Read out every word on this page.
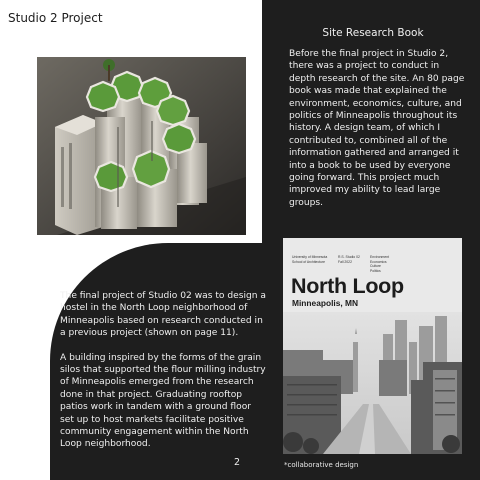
Studio 2 Project
Site Research Book
Before the final project in Studio 2, there was a project to conduct in depth research of the site. An 80 page book was made that explained the environment, economics, culture, and politics of Minneapolis throughout its history. A design team, of which I contributed to, combined all of the information gathered and arranged it into a book to be used by everyone going forward. This project much improved my ability to lead large groups.

The final project of Studio 02 was to design a hostel in the North Loop neighborhood of Minneapolis based on research conducted in a previous project (shown on page 11).

A building inspired by the forms of the grain silos that supported the flour milling industry of Minneapolis emerged from the research done in that project. Graduating rooftop patios work in tandem with a ground floor set up to host markets facilitate positive community engagement within the North Loop neighborhood.

University of Minnesota
School of Architecture
R.S. Studio 02
Fall 2022
Environment
Economics
Culture
Politics
North Loop
Minneapolis, MN
2	*collaborative design
